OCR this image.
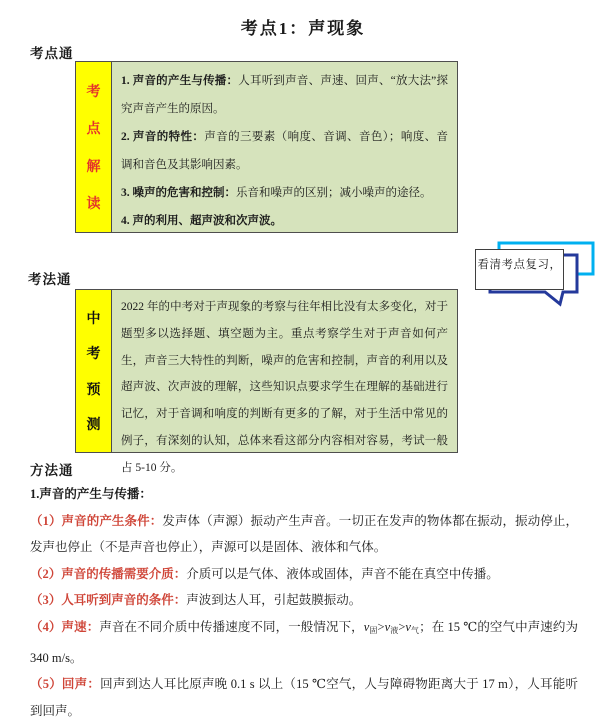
考点1：声现象
考点通
考
点
解
读

1. 声音的产生与传播：人耳听到声音、声速、回声、“放大法”探究声音产生的原因。

2. 声音的特性：声音的三要素（响度、音调、音色）；响度、音调和音色及其影响因素。

3. 噪声的危害和控制：乐音和噪声的区别；减小噪声的途径。

4. 声的利用、超声波和次声波。

看清考点复习，
考法通
中
考
预
测

2022 年的中考对于声现象的考察与往年相比没有太多变化，对于题型多以选择题、填空题为主。重点考察学生对于声音如何产生，声音三大特性的判断，噪声的危害和控制，声音的利用以及超声波、次声波的理解，这些知识点要求学生在理解的基础进行记忆，对于音调和响度的判断有更多的了解，对于生活中常见的例子，有深刻的认知，总体来看这部分内容相对容易，考试一般占 5-10 分。

方法通

1.声音的产生与传播：

（1）声音的产生条件：发声体（声源）振动产生声音。一切正在发声的物体都在振动，振动停止，发声也停止（不是声音也停止），声源可以是固体、液体和气体。

（2）声音的传播需要介质：介质可以是气体、液体或固体，声音不能在真空中传播。

（3）人耳听到声音的条件：声波到达人耳，引起鼓膜振动。

（4）声速：声音在不同介质中传播速度不同，一般情况下，v固>v液>v气；在 15 ℃的空气中声速约为 340 m/s。

（5）回声：回声到达人耳比原声晚 0.1 s 以上（15 ℃空气，人与障碍物距离大于 17 m），人耳能听到回声。
